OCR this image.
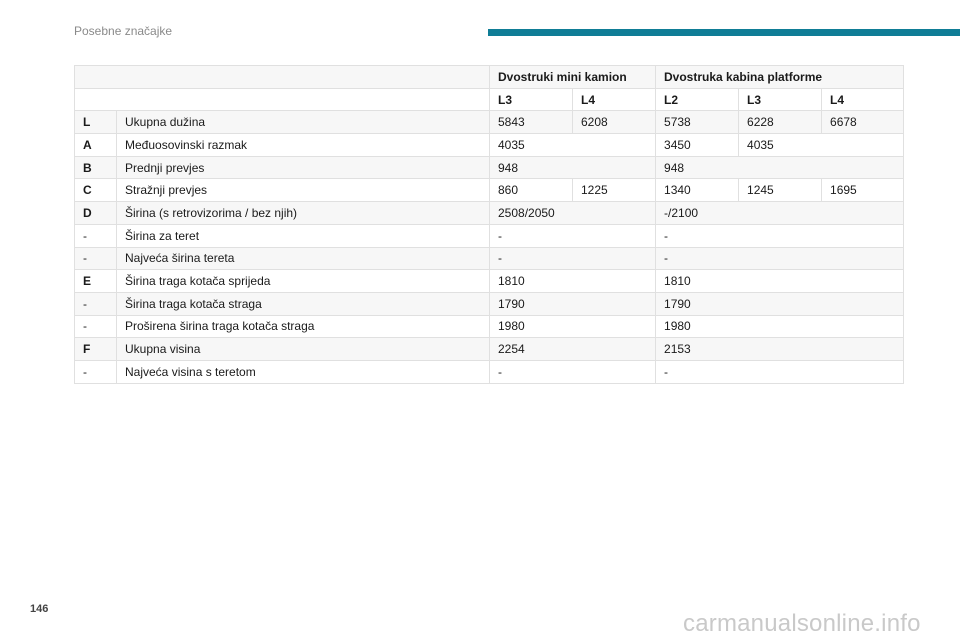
Posebne značajke
		Dvostruki mini kamion		Dvostruka kabina platforme		
		L3	L4	L2	L3	L4
L	Ukupna dužina	5843	6208	5738	6228	6678
A	Međuosovinski razmak	4035		3450	4035	
B	Prednji prevjes	948		948		
C	Stražnji prevjes	860	1225	1340	1245	1695
D	Širina (s retrovizorima / bez njih)	2508/2050		-/2100		
-	Širina za teret	-		-		
-	Najveća širina tereta	-		-		
E	Širina traga kotača sprijeda	1810		1810		
-	Širina traga kotača straga	1790		1790		
-	Proširena širina traga kotača straga	1980		1980		
F	Ukupna visina	2254		2153		
-	Najveća visina s teretom	-		-		
146
carmanualsonline.info
